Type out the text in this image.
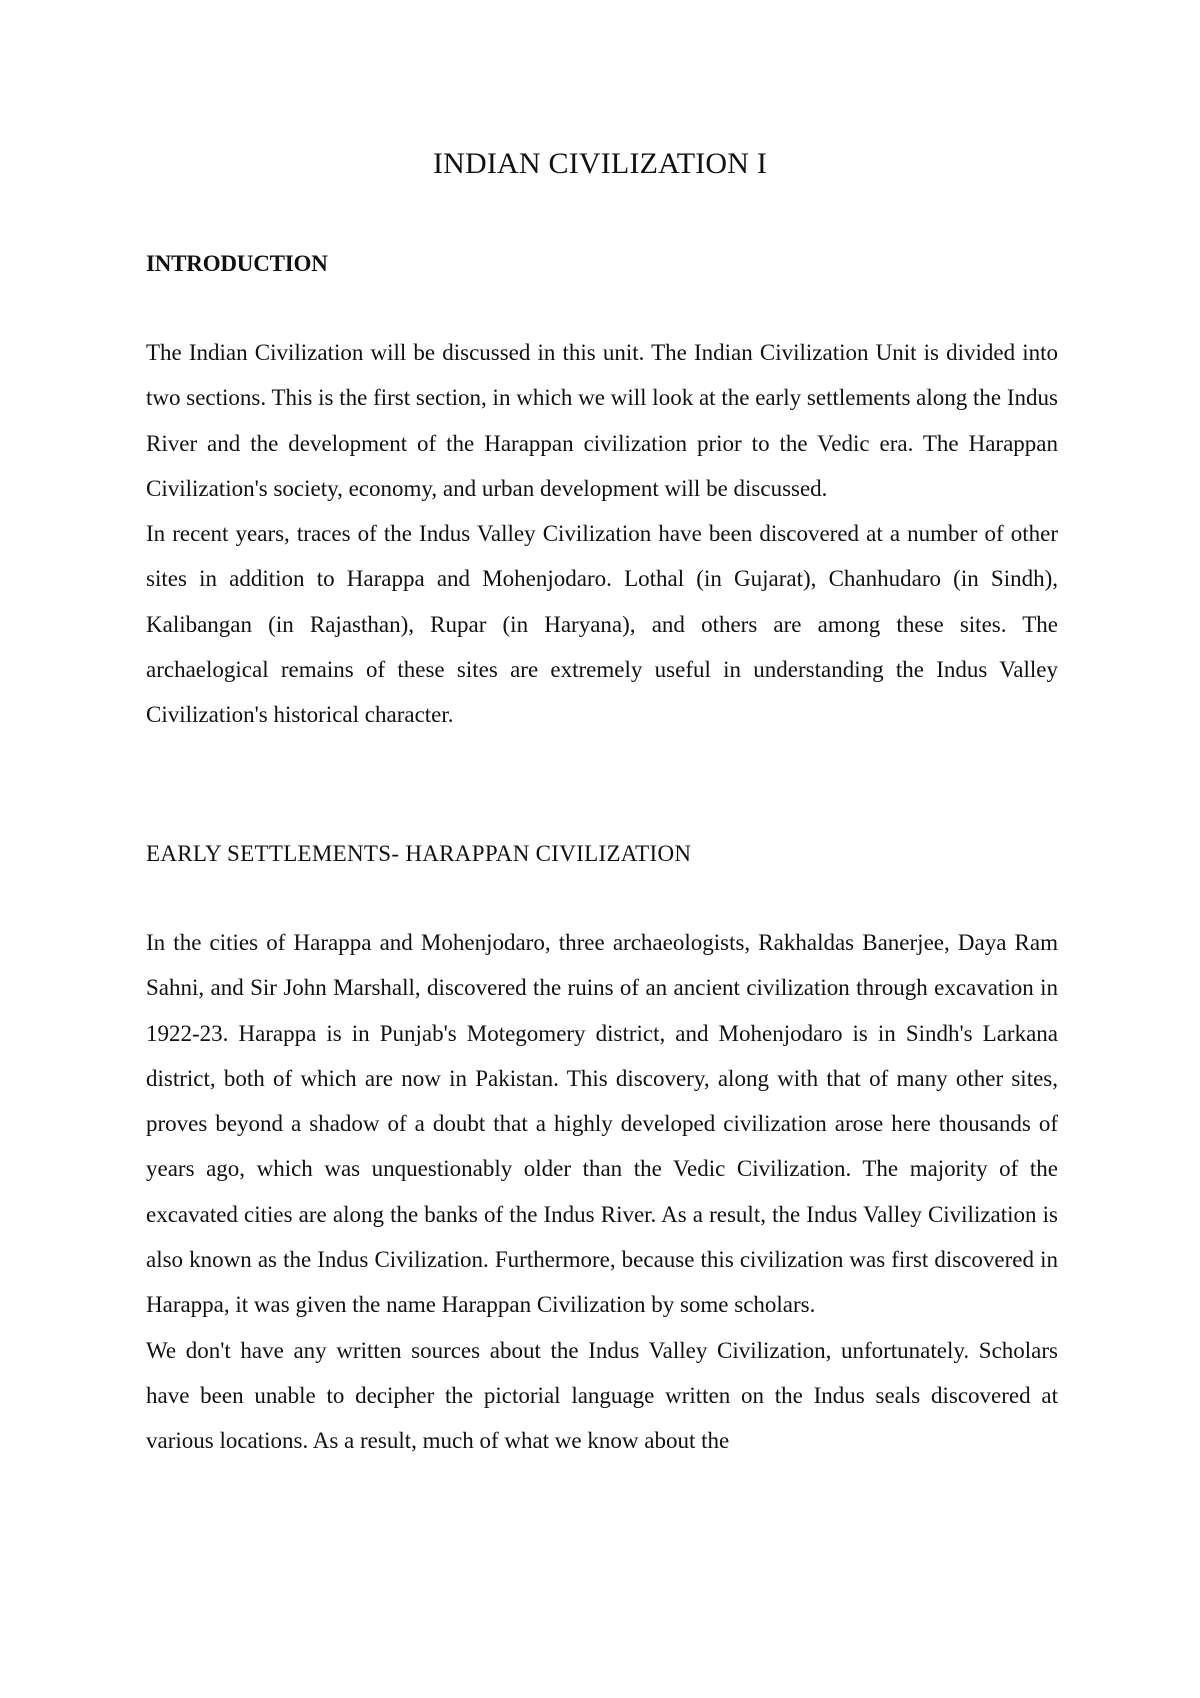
INDIAN CIVILIZATION I
INTRODUCTION

The Indian Civilization will be discussed in this unit. The Indian Civilization Unit is divided into two sections. This is the first section, in which we will look at the early settlements along the Indus River and the development of the Harappan civilization prior to the Vedic era. The Harappan Civilization's society, economy, and urban development will be discussed.

In recent years, traces of the Indus Valley Civilization have been discovered at a number of other sites in addition to Harappa and Mohenjodaro. Lothal (in Gujarat), Chanhudaro (in Sindh), Kalibangan (in Rajasthan), Rupar (in Haryana), and others are among these sites. The archaelogical remains of these sites are extremely useful in understanding the Indus Valley Civilization's historical character.

EARLY SETTLEMENTS- HARAPPAN CIVILIZATION

In the cities of Harappa and Mohenjodaro, three archaeologists, Rakhaldas Banerjee, Daya Ram Sahni, and Sir John Marshall, discovered the ruins of an ancient civilization through excavation in 1922-23. Harappa is in Punjab's Motegomery district, and Mohenjodaro is in Sindh's Larkana district, both of which are now in Pakistan. This discovery, along with that of many other sites, proves beyond a shadow of a doubt that a highly developed civilization arose here thousands of years ago, which was unquestionably older than the Vedic Civilization. The majority of the excavated cities are along the banks of the Indus River. As a result, the Indus Valley Civilization is also known as the Indus Civilization. Furthermore, because this civilization was first discovered in Harappa, it was given the name Harappan Civilization by some scholars.

We don't have any written sources about the Indus Valley Civilization, unfortunately. Scholars have been unable to decipher the pictorial language written on the Indus seals discovered at various locations. As a result, much of what we know about the
